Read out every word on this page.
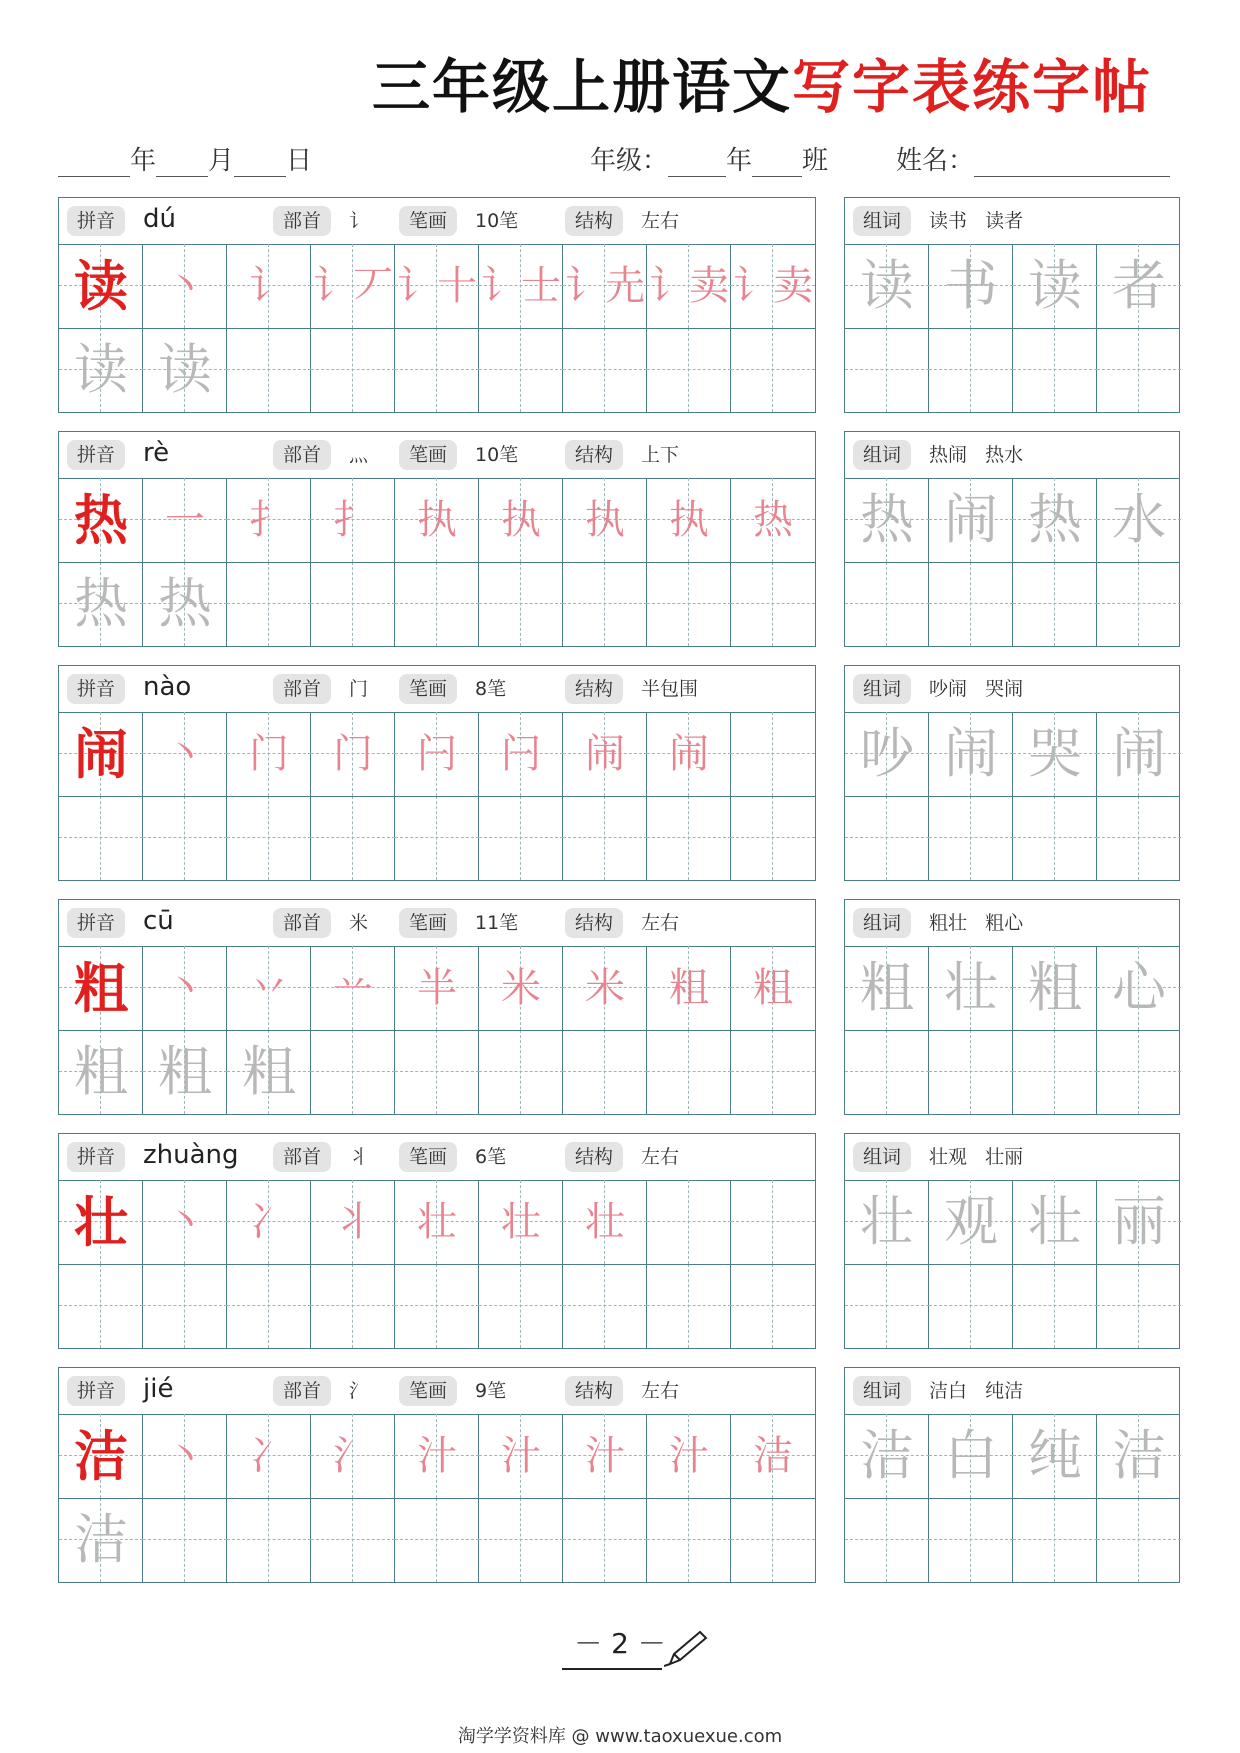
三年级上册语文写字表练字帖
年 月 日	年级： 年 班	姓名：
拼音	dú	部首	讠	笔画	10笔	结构	左右
读 丶	讠 讠丆 讠十 讠士 讠圥 讠卖 讠卖
读 读
组词	读书   读者
读 书 读 者
拼音	rè	部首	灬	笔画	10笔	结构	上下
热 一	扌	扌	执	执	执	执	热
热 热
组词	热闹   热水
热 闹 热 水
拼音	nào	部首	门	笔画	8笔	结构	半包围
闹 丶	门	门	闩	闩	闹	闹
组词	吵闹   哭闹
吵 闹 哭 闹
拼音	cū	部首	米	笔画	11笔	结构	左右
粗 丶	丷	䒑	半	米	米	粗	粗
粗 粗 粗
组词	粗壮   粗心
粗 壮 粗 心
拼音	zhuàng	部首	丬	笔画	6笔	结构	左右
壮 丶	冫	丬	壮	壮	壮
组词	壮观   壮丽
壮 观 壮 丽
拼音	jié	部首	氵	笔画	9笔	结构	左右
洁 丶	冫	氵	汁	汁	汁	汁	洁
洁
组词	洁白   纯洁
洁 白 纯 洁
－ 2 －
淘学学资料库 @ www.taoxuexue.com
